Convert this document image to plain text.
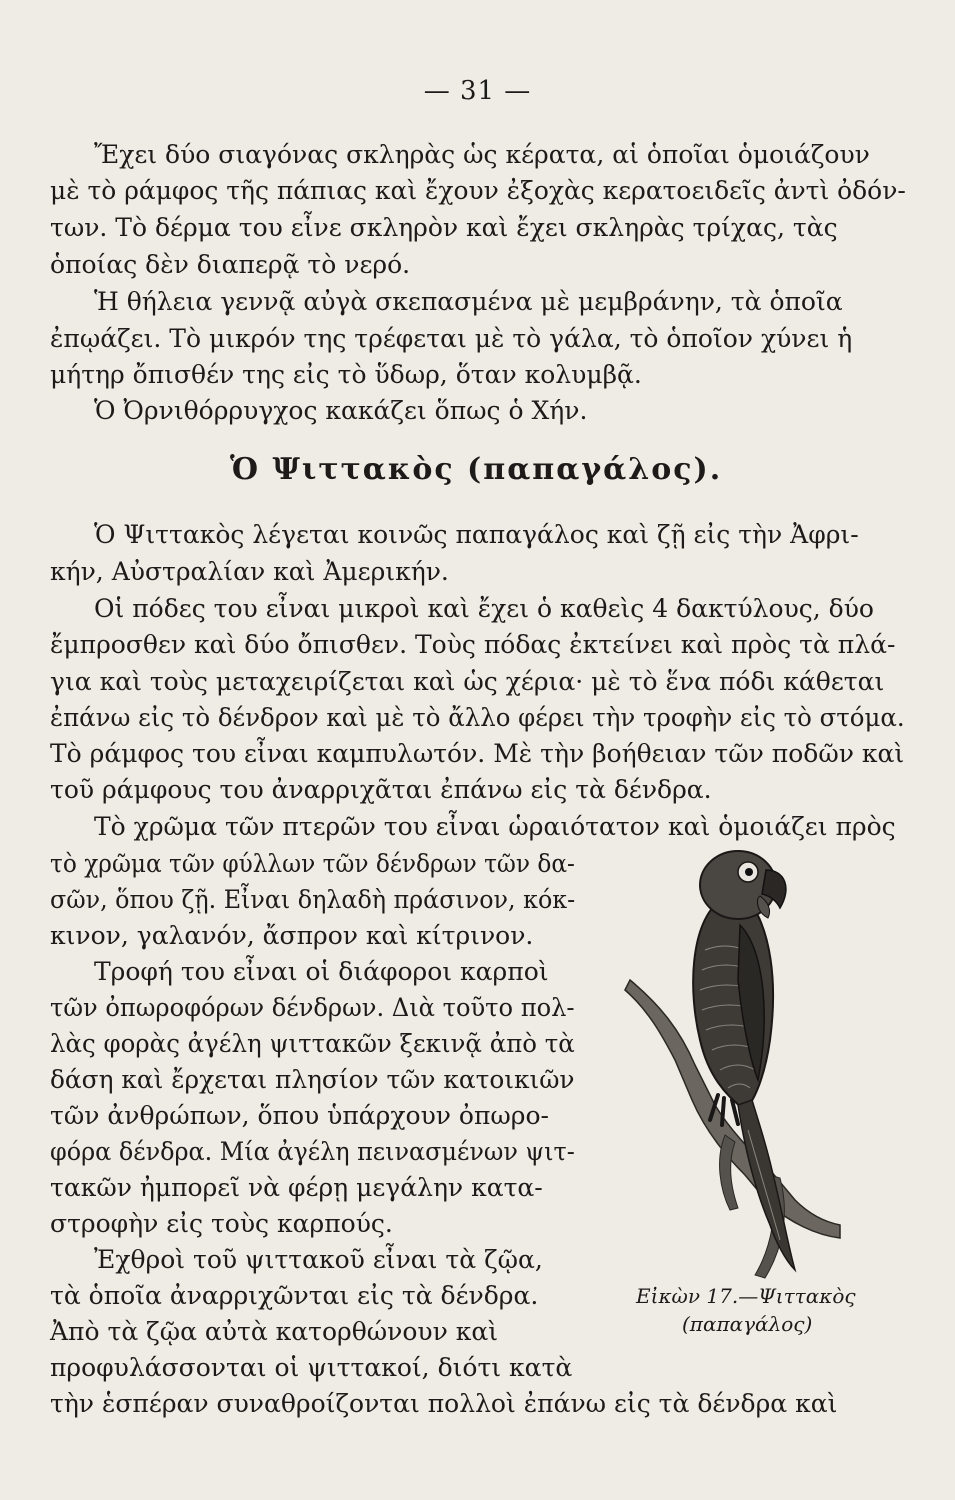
— 31 —
Ἔχει δύο σιαγόνας σκληρὰς ὡς κέρατα, αἱ ὁποῖαι ὁμοιάζουν
μὲ τὸ ράμφος τῆς πάπιας καὶ ἔχουν ἐξοχὰς κερατοειδεῖς ἀντὶ ὀδόν-
των. Τὸ δέρμα του εἶνε σκληρὸν καὶ ἔχει σκληρὰς τρίχας, τὰς
ὁποίας δὲν διαπερᾷ τὸ νερό.
Ἡ θήλεια γεννᾷ αὐγὰ σκεπασμένα μὲ μεμβράνην, τὰ ὁποῖα
ἐπῳάζει. Τὸ μικρόν της τρέφεται μὲ τὸ γάλα, τὸ ὁποῖον χύνει ἡ
μήτηρ ὄπισθέν της εἰς τὸ ὕδωρ, ὅταν κολυμβᾷ.
Ὁ Ὀρνιθόρρυγχος κακάζει ὅπως ὁ Χήν.
Ὁ Ψιττακὸς (παπαγάλος).
Ὁ Ψιττακὸς λέγεται κοινῶς παπαγάλος καὶ ζῇ εἰς τὴν Ἀφρι-
κήν, Αὐστραλίαν καὶ Ἀμερικήν.
Οἱ πόδες του εἶναι μικροὶ καὶ ἔχει ὁ καθεὶς 4 δακτύλους, δύο
ἔμπροσθεν καὶ δύο ὄπισθεν. Τοὺς πόδας ἐκτείνει καὶ πρὸς τὰ πλά-
για καὶ τοὺς μεταχειρίζεται καὶ ὡς χέρια· μὲ τὸ ἕνα πόδι κάθεται
ἐπάνω εἰς τὸ δένδρον καὶ μὲ τὸ ἄλλο φέρει τὴν τροφὴν εἰς τὸ στόμα.
Τὸ ράμφος του εἶναι καμπυλωτόν. Μὲ τὴν βοήθειαν τῶν ποδῶν καὶ
τοῦ ράμφους του ἀναρριχᾶται ἐπάνω εἰς τὰ δένδρα.
Τὸ χρῶμα τῶν πτερῶν του εἶναι ὡραιότατον καὶ ὁμοιάζει πρὸς
τὸ χρῶμα τῶν φύλλων τῶν δένδρων τῶν δα-
σῶν, ὅπου ζῇ. Εἶναι δηλαδὴ πράσινον, κόκ-
κινον, γαλανόν, ἄσπρον καὶ κίτρινον.
Τροφή του εἶναι οἱ διάφοροι καρποὶ
τῶν ὀπωροφόρων δένδρων. Διὰ τοῦτο πολ-
λὰς φορὰς ἀγέλη ψιττακῶν ξεκινᾷ ἀπὸ τὰ
δάση καὶ ἔρχεται πλησίον τῶν κατοικιῶν
τῶν ἀνθρώπων, ὅπου ὑπάρχουν ὀπωρο-
φόρα δένδρα. Μία ἀγέλη πεινασμένων ψιτ-
τακῶν ἠμπορεῖ νὰ φέρῃ μεγάλην κατα-
στροφὴν εἰς τοὺς καρπούς.
Ἐχθροὶ τοῦ ψιττακοῦ εἶναι τὰ ζῷα,
τὰ ὁποῖα ἀναρριχῶνται εἰς τὰ δένδρα.
Ἀπὸ τὰ ζῷα αὐτὰ κατορθώνουν καὶ
προφυλάσσονται οἱ ψιττακοί, διότι κατὰ
τὴν ἑσπέραν συναθροίζονται πολλοὶ ἐπάνω εἰς τὰ δένδρα καὶ
Εἰκὼν 17.—Ψιττακὸς
(παπαγάλος)
